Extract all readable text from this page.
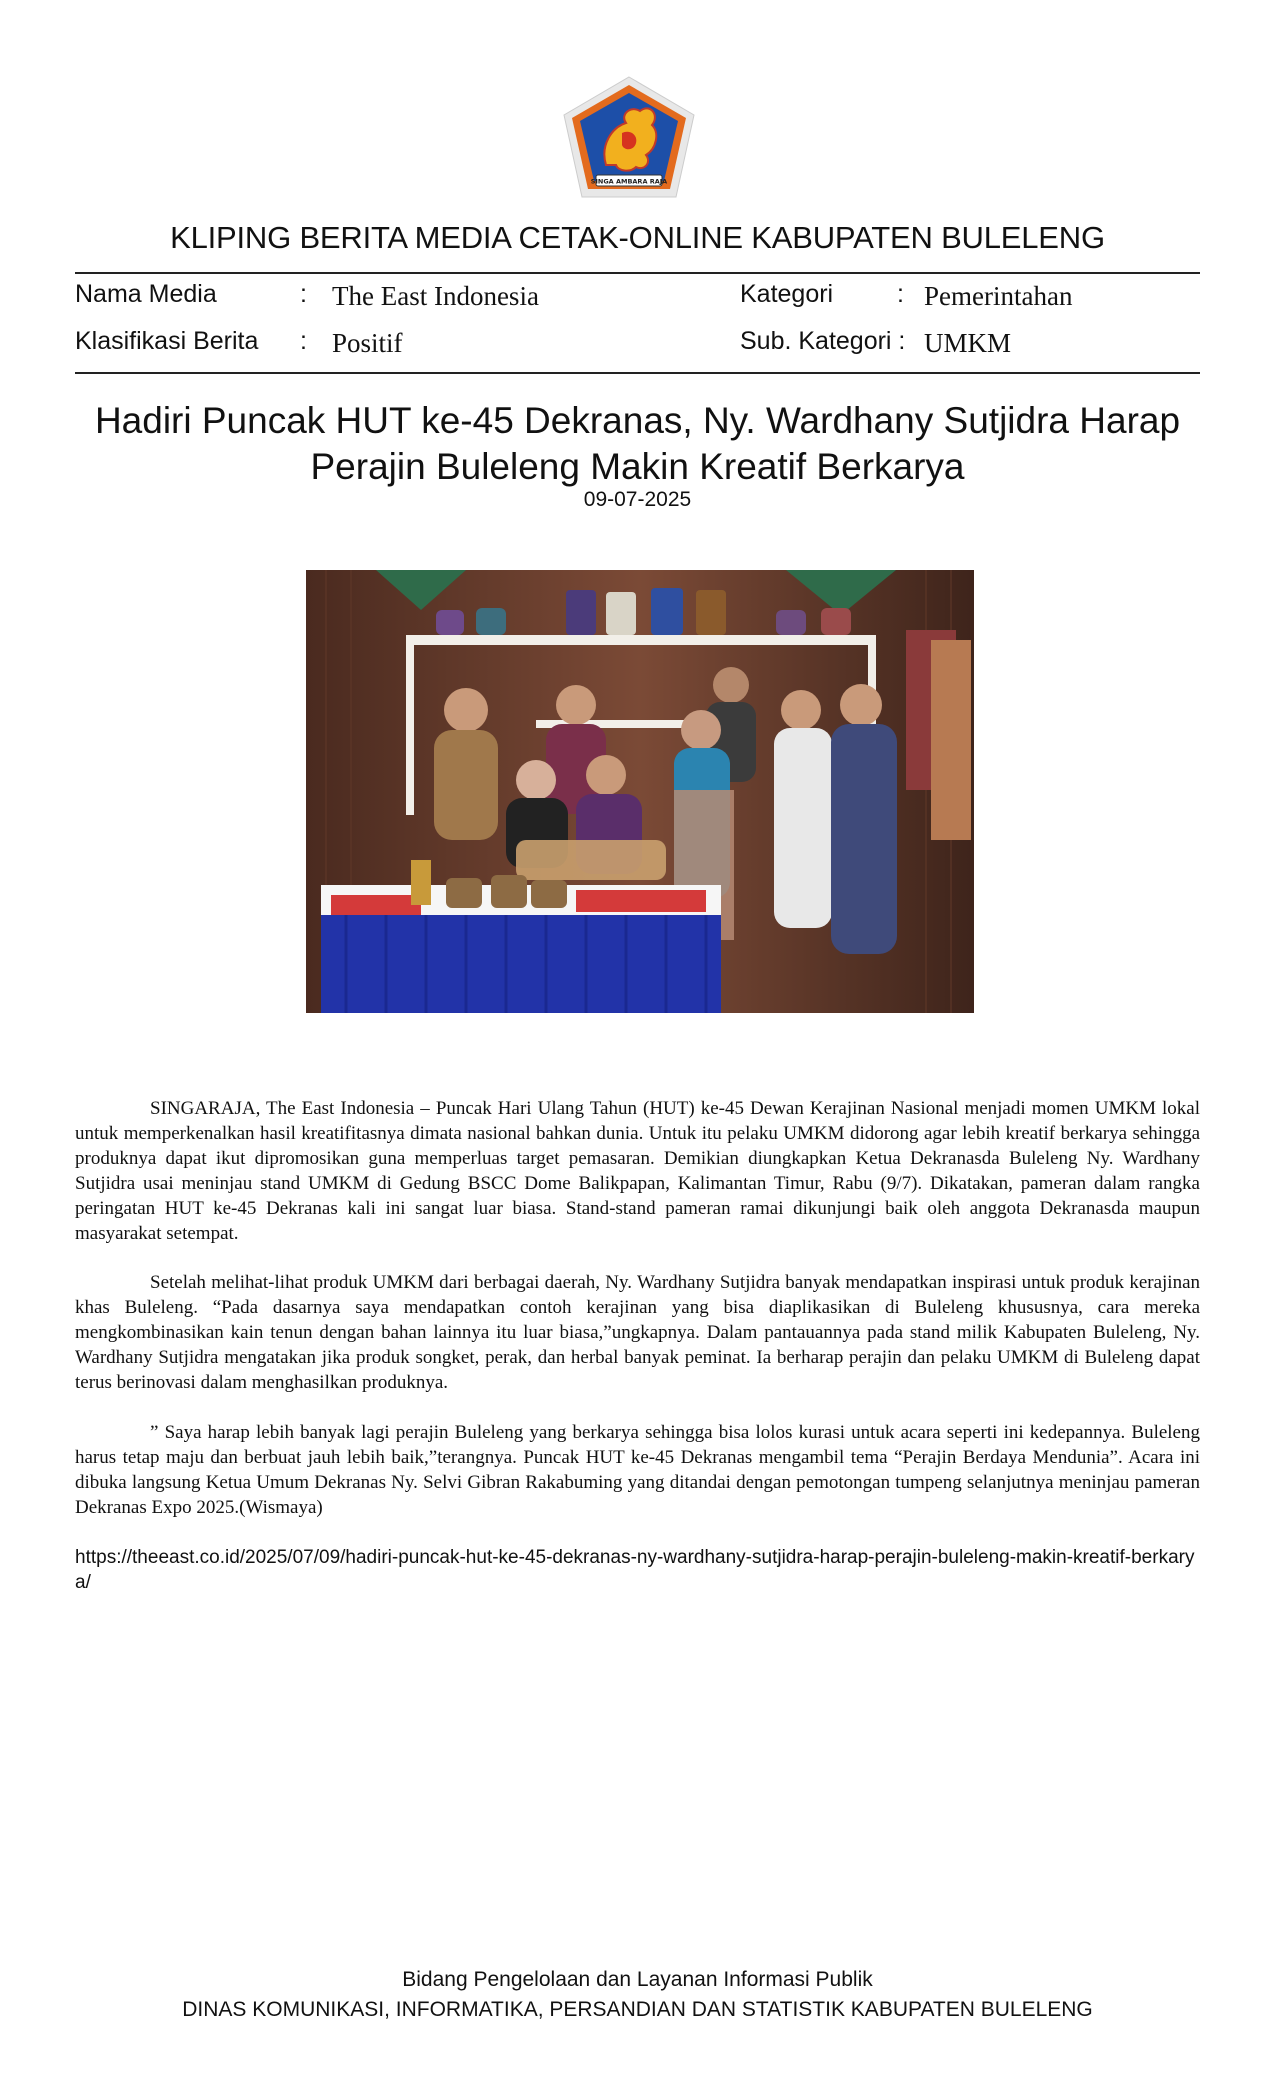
SINGA AMBARA RAJA
KLIPING BERITA MEDIA CETAK-ONLINE KABUPATEN BULELENG
Nama Media	: The East Indonesia	Kategori	: Pemerintahan
Klasifikasi Berita : Positif	Sub. Kategori : UMKM
Hadiri Puncak HUT ke-45 Dekranas, Ny. Wardhany Sutjidra Harap Perajin Buleleng Makin Kreatif Berkarya
09-07-2025

SINGARAJA, The East Indonesia – Puncak Hari Ulang Tahun (HUT) ke-45 Dewan Kerajinan Nasional menjadi momen UMKM lokal untuk memperkenalkan hasil kreatifitasnya dimata nasional bahkan dunia. Untuk itu pelaku UMKM didorong agar lebih kreatif berkarya sehingga produknya dapat ikut dipromosikan guna memperluas target pemasaran. Demikian diungkapkan Ketua Dekranasda Buleleng Ny. Wardhany Sutjidra usai meninjau stand UMKM di Gedung BSCC Dome Balikpapan, Kalimantan Timur, Rabu (9/7). Dikatakan, pameran dalam rangka peringatan HUT ke-45 Dekranas kali ini sangat luar biasa. Stand-stand pameran ramai dikunjungi baik oleh anggota Dekranasda maupun masyarakat setempat.

Setelah melihat-lihat produk UMKM dari berbagai daerah, Ny. Wardhany Sutjidra banyak mendapatkan inspirasi untuk produk kerajinan khas Buleleng. “Pada dasarnya saya mendapatkan contoh kerajinan yang bisa diaplikasikan di Buleleng khususnya, cara mereka mengkombinasikan kain tenun dengan bahan lainnya itu luar biasa,”ungkapnya. Dalam pantauannya pada stand milik Kabupaten Buleleng, Ny. Wardhany Sutjidra mengatakan jika produk songket, perak, dan herbal banyak peminat. Ia berharap perajin dan pelaku UMKM di Buleleng dapat terus berinovasi dalam menghasilkan produknya.

” Saya harap lebih banyak lagi perajin Buleleng yang berkarya sehingga bisa lolos kurasi untuk acara seperti ini kedepannya. Buleleng harus tetap maju dan berbuat jauh lebih baik,”terangnya. Puncak HUT ke-45 Dekranas mengambil tema “Perajin Berdaya Mendunia”. Acara ini dibuka langsung Ketua Umum Dekranas Ny. Selvi Gibran Rakabuming yang ditandai dengan pemotongan tumpeng selanjutnya meninjau pameran Dekranas Expo 2025.(Wismaya)

https://theeast.co.id/2025/07/09/hadiri-puncak-hut-ke-45-dekranas-ny-wardhany-sutjidra-harap-perajin-buleleng-makin-kreatif-berkarya/

Bidang Pengelolaan dan Layanan Informasi Publik
DINAS KOMUNIKASI, INFORMATIKA, PERSANDIAN DAN STATISTIK KABUPATEN BULELENG
